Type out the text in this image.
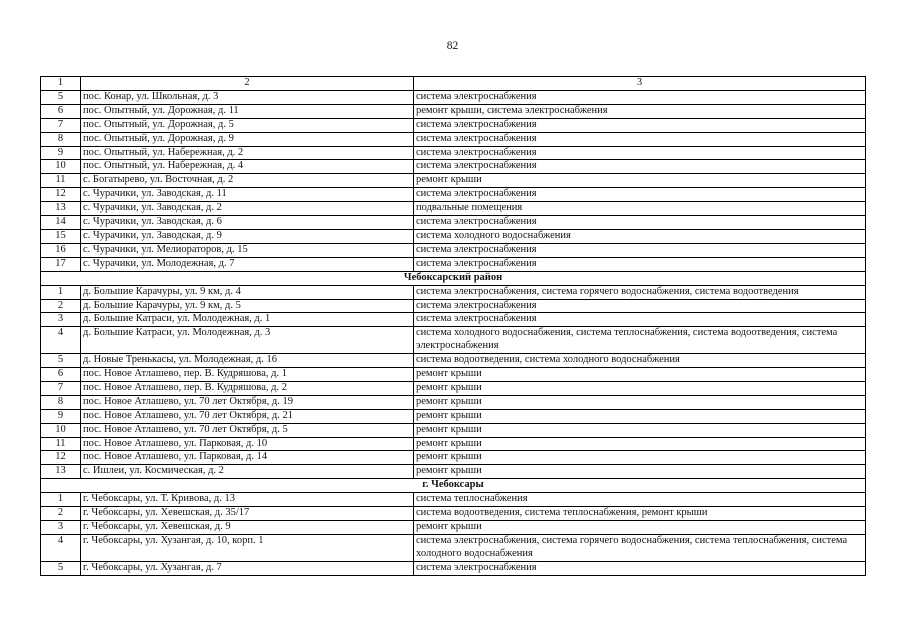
82
1	2	3
5	пос. Конар, ул. Школьная, д. 3	система электроснабжения
6	пос. Опытный, ул. Дорожная, д. 11	ремонт крыши, система электроснабжения
7	пос. Опытный, ул. Дорожная, д. 5	система электроснабжения
8	пос. Опытный, ул. Дорожная, д. 9	система электроснабжения
9	пос. Опытный, ул. Набережная, д. 2	система электроснабжения
10	пос. Опытный, ул. Набережная, д. 4	система электроснабжения
11	с. Богатырево, ул. Восточная, д. 2	ремонт крыши
12	с. Чурачики, ул. Заводская, д. 11	система электроснабжения
13	с. Чурачики, ул. Заводская, д. 2	подвальные помещения
14	с. Чурачики, ул. Заводская, д. 6	система электроснабжения
15	с. Чурачики, ул. Заводская, д. 9	система холодного водоснабжения
16	с. Чурачики, ул. Мелиораторов, д. 15	система электроснабжения
17	с. Чурачики, ул. Молодежная, д. 7	система электроснабжения
Чебоксарский район		
1	д. Большие Карачуры, ул. 9 км, д. 4	система электроснабжения, система горячего водоснабжения, система водоотведения
2	д. Большие Карачуры, ул. 9 км, д. 5	система электроснабжения
3	д. Большие Катраси, ул. Молодежная, д. 1	система электроснабжения
4	д. Большие Катраси, ул. Молодежная, д. 3	система холодного водоснабжения, система теплоснабжения, система водоотведения, система электроснабжения
5	д. Новые Тренькасы, ул. Молодежная, д. 16	система водоотведения, система холодного водоснабжения
6	пос. Новое Атлашево, пер. В. Кудряшова, д. 1	ремонт крыши
7	пос. Новое Атлашево, пер. В. Кудряшова, д. 2	ремонт крыши
8	пос. Новое Атлашево, ул. 70 лет Октября, д. 19	ремонт крыши
9	пос. Новое Атлашево, ул. 70 лет Октября, д. 21	ремонт крыши
10	пос. Новое Атлашево, ул. 70 лет Октября, д. 5	ремонт крыши
11	пос. Новое Атлашево, ул. Парковая, д. 10	ремонт крыши
12	пос. Новое Атлашево, ул. Парковая, д. 14	ремонт крыши
13	с. Ишлеи, ул. Космическая, д. 2	ремонт крыши
г. Чебоксары		
1	г. Чебоксары, ул. Т. Кривова, д. 13	система теплоснабжения
2	г. Чебоксары, ул. Хевешская, д. 35/17	система водоотведения, система теплоснабжения, ремонт крыши
3	г. Чебоксары, ул. Хевешская, д. 9	ремонт крыши
4	г. Чебоксары, ул. Хузангая, д. 10, корп. 1	система электроснабжения, система горячего водоснабжения, система теплоснабжения, система холодного водоснабжения
5	г. Чебоксары, ул. Хузангая, д. 7	система электроснабжения
